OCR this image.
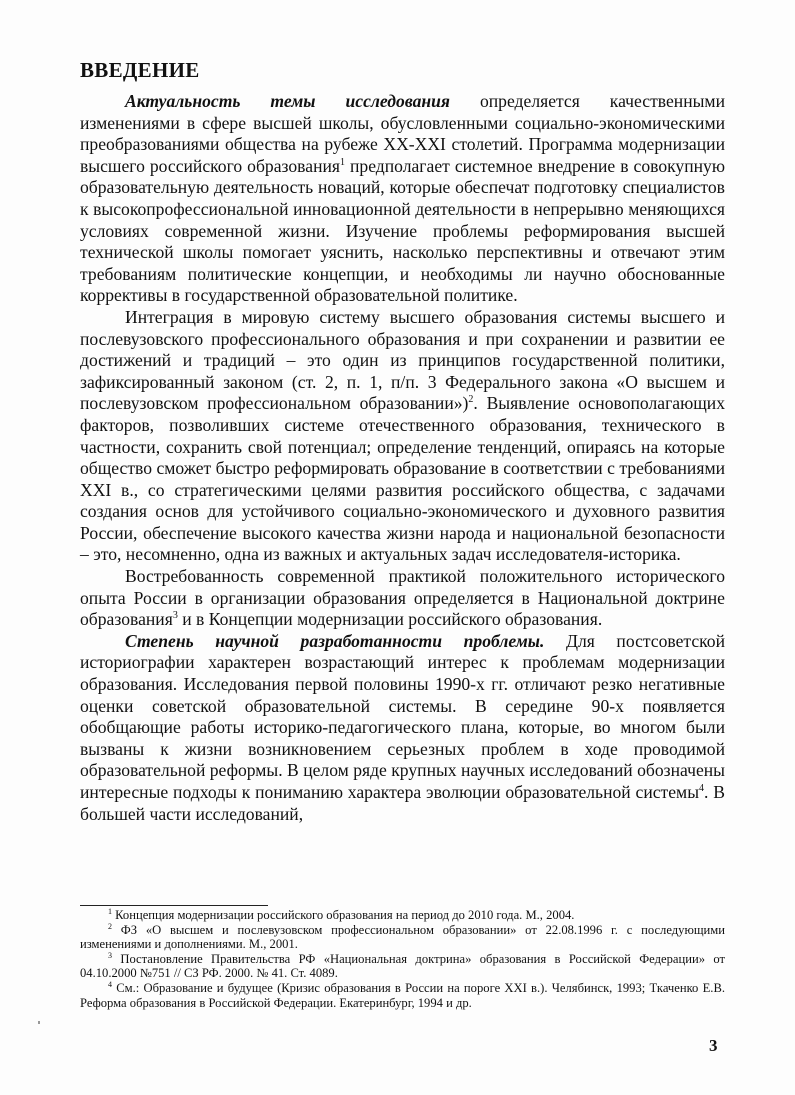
ВВЕДЕНИЕ

Актуальность темы исследования определяется качественными изменениями в сфере высшей школы, обусловленными социально-экономическими преобразованиями общества на рубеже XX-XXI столетий. Программа модернизации высшего российского образования$^1$ предполагает системное внедрение в совокупную образовательную деятельность новаций, которые обеспечат подготовку специалистов к высокопрофессиональной инновационной деятельности в непрерывно меняющихся условиях современной жизни. Изучение проблемы реформирования высшей технической школы помогает уяснить, насколько перспективны и отвечают этим требованиям политические концепции, и необходимы ли научно обоснованные коррективы в государственной образовательной политике.

Интеграция в мировую систему высшего образования системы высшего и послевузовского профессионального образования и при сохранении и развитии ее достижений и традиций – это один из принципов государственной политики, зафиксированный законом (ст. 2, п. 1, п/п. 3 Федерального закона «О высшем и послевузовском профессиональном образовании»)$^2$. Выявление основополагающих факторов, позволивших системе отечественного образования, технического в частности, сохранить свой потенциал; определение тенденций, опираясь на которые общество сможет быстро реформировать образование в соответствии с требованиями XXI в., со стратегическими целями развития российского общества, с задачами создания основ для устойчивого социально-экономического и духовного развития России, обеспечение высокого качества жизни народа и национальной безопасности – это, несомненно, одна из важных и актуальных задач исследователя-историка.

Востребованность современной практикой положительного исторического опыта России в организации образования определяется в Национальной доктрине образования$^3$ и в Концепции модернизации российского образования.

Степень научной разработанности проблемы. Для постсоветской историографии характерен возрастающий интерес к проблемам модернизации образования. Исследования первой половины 1990-х гг. отличают резко негативные оценки советской образовательной системы. В середине 90-х появляется обобщающие работы историко-педагогического плана, которые, во многом были вызваны к жизни возникновением серьезных проблем в ходе проводимой образовательной реформы. В целом ряде крупных научных исследований обозначены интересные подходы к пониманию характера эволюции образовательной системы$^4$. В большей части исследований,

$^1$ Концепция модернизации российского образования на период до 2010 года. М., 2004.

$^2$ ФЗ «О высшем и послевузовском профессиональном образовании» от 22.08.1996 г. с последующими изменениями и дополнениями. М., 2001.

$^3$ Постановление Правительства РФ «Национальная доктрина» образования в Российской Федерации» от 04.10.2000 №751 // СЗ РФ. 2000. № 41. Ст. 4089.

$^4$ См.: Образование и будущее (Кризис образования в России на пороге XXI в.). Челябинск, 1993; Ткаченко Е.В. Реформа образования в Российской Федерации. Екатеринбург, 1994 и др.

3
